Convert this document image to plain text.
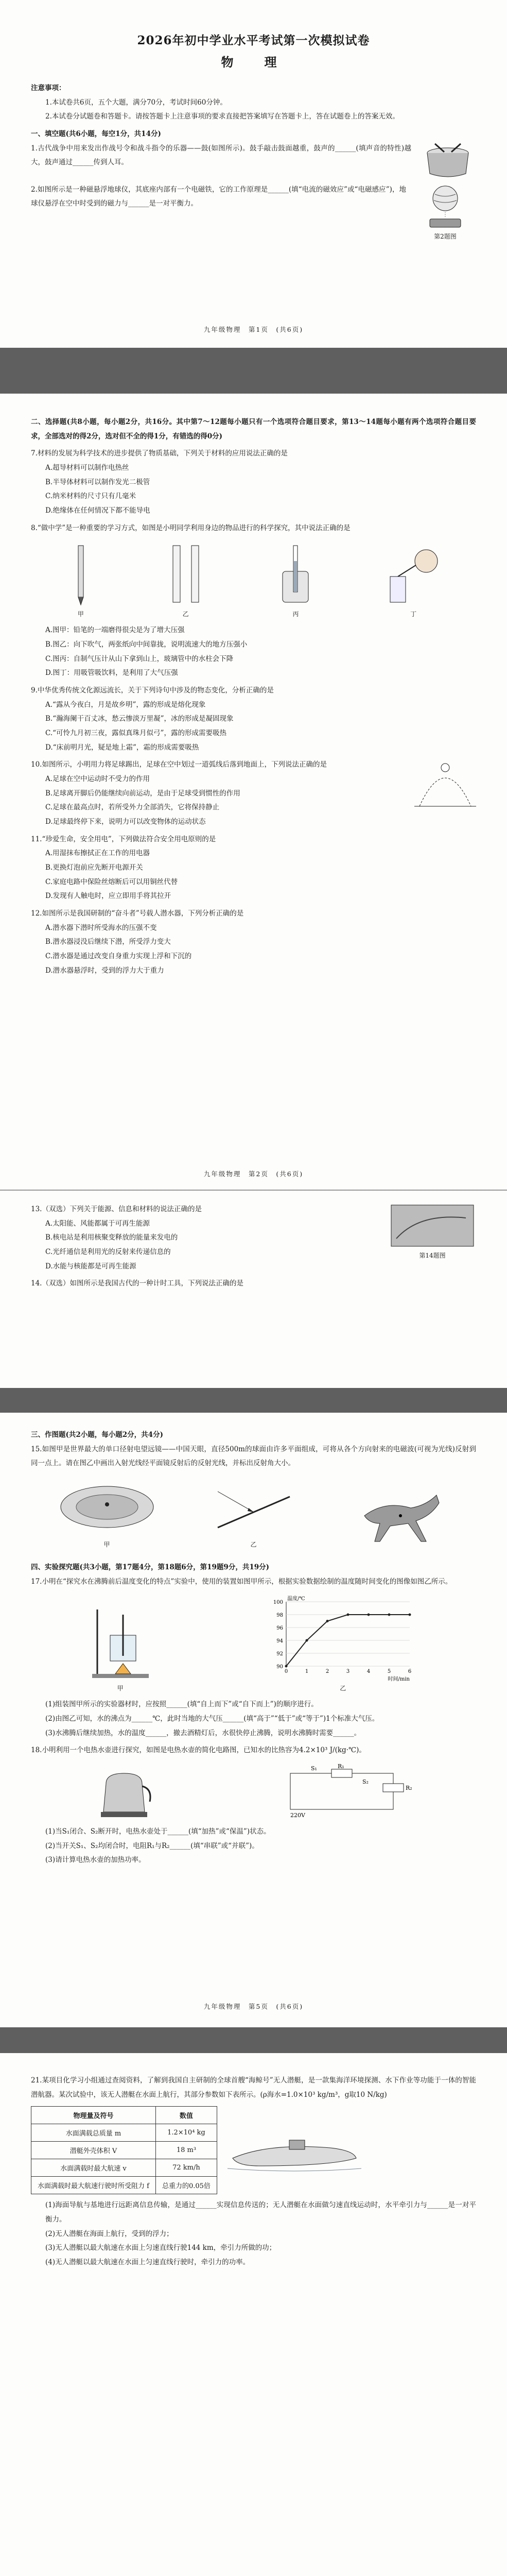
2026年初中学业水平考试第一次模拟试卷
物　理

注意事项：

1.本试卷共6页，五个大题，满分70分，考试时间60分钟。

2.本试卷分试题卷和答题卡。请按答题卡上注意事项的要求直接把答案填写在答题卡上，答在试题卷上的答案无效。

一、填空题(共6小题，每空1分，共14分)

1.古代战争中用来发出作战号令和战斗指令的乐器——鼓(如图所示)。鼓手敲击鼓面越重，鼓声的______(填声音的特性)越大，鼓声通过______传到人耳。

2.如图所示是一种磁悬浮地球仪，其底座内部有一个电磁铁，它的工作原理是______(填“电流的磁效应”或“电磁感应”)，地球仪悬浮在空中时受到的磁力与______是一对平衡力。

第2题图
九年级物理　第1页　(共6页)

二、选择题(共8小题，每小题2分，共16分。其中第7～12题每小题只有一个选项符合题目要求，第13～14题每小题有两个选项符合题目要求，全部选对的得2分，选对但不全的得1分，有错选的得0分)

7.材料的发展为科学技术的进步提供了物质基础，下列关于材料的应用说法正确的是

A.超导材料可以制作电热丝

B.半导体材料可以制作发光二极管

C.纳米材料的尺寸只有几毫米

D.绝缘体在任何情况下都不能导电

8.“做中学”是一种重要的学习方式，如图是小明同学利用身边的物品进行的科学探究，其中说法正确的是

甲	乙	丙	丁

A.图甲：铅笔的一端磨得很尖是为了增大压强

B.图乙：向下吹气，两张纸向中间靠拢，说明流速大的地方压强小

C.图丙：自制气压计从山下拿到山上，玻璃管中的水柱会下降

D.图丁：用吸管吸饮料，是利用了大气压强

9.中华优秀传统文化源远流长，关于下列诗句中涉及的物态变化，分析正确的是

A.“露从今夜白，月是故乡明”，露的形成是熔化现象

B.“瀚海阑干百丈冰，愁云惨淡万里凝”，冰的形成是凝固现象

C.“可怜九月初三夜，露似真珠月似弓”，露的形成需要吸热

D.“床前明月光，疑是地上霜”，霜的形成需要吸热

10.如图所示，小明用力将足球踢出，足球在空中划过一道弧线后落到地面上，下列说法正确的是

A.足球在空中运动时不受力的作用

B.足球离开脚后仍能继续向前运动，是由于足球受到惯性的作用

C.足球在最高点时，若所受外力全部消失，它将保持静止

D.足球最终停下来，说明力可以改变物体的运动状态

11.“珍爱生命，安全用电”，下列做法符合安全用电原则的是

A.用湿抹布擦拭正在工作的用电器

B.更换灯泡前应先断开电源开关

C.家庭电路中保险丝熔断后可以用铜丝代替

D.发现有人触电时，应立即用手将其拉开

12.如图所示是我国研制的“奋斗者”号载人潜水器，下列分析正确的是

A.潜水器下潜时所受海水的压强不变

B.潜水器浸没后继续下潜，所受浮力变大

C.潜水器是通过改变自身重力实现上浮和下沉的

D.潜水器悬浮时，受到的浮力大于重力

九年级物理　第2页　(共6页)

13.（双选）下列关于能源、信息和材料的说法正确的是

A.太阳能、风能都属于可再生能源

B.核电站是利用核聚变释放的能量来发电的

C.光纤通信是利用光的反射来传递信息的

D.水能与核能都是可再生能源

第14题图

14.（双选）如图所示是我国古代的一种计时工具，下列说法正确的是

三、作图题(共2小题，每小题2分，共4分)

15.如图甲是世界最大的单口径射电望远镜——中国天眼，直径500m的球面由许多平面组成，可将从各个方向射来的电磁波(可视为光线)反射到同一点上。请在图乙中画出入射光线经平面镜反射后的反射光线，并标出反射角大小。

甲	乙

四、实验探究题(共3小题，第17题4分，第18题6分，第19题9分，共19分)

17.小明在“探究水在沸腾前后温度变化的特点”实验中，使用的装置如图甲所示，根据实验数据绘制的温度随时间变化的图像如图乙所示。

甲
90
92
94
96
98
100
0	1	2	3	4	5	6
时间/min
温度/℃
乙

(1)组装图甲所示的实验器材时，应按照______(填“自上而下”或“自下而上”)的顺序进行。

(2)由图乙可知，水的沸点为______℃，此时当地的大气压______(填“高于”“低于”或“等于”)1个标准大气压。

(3)水沸腾后继续加热，水的温度______，撤去酒精灯后，水很快停止沸腾，说明水沸腾时需要______。

18.小明利用一个电热水壶进行探究，如图是电热水壶的简化电路图，已知水的比热容为4.2×10³ J/(kg·℃)。

220V
S₁
S₂
R₁
R₂

(1)当S₁闭合、S₂断开时，电热水壶处于______(填“加热”或“保温”)状态。

(2)当开关S₁、S₂均闭合时，电阻R₁与R₂______(填“串联”或“并联”)。

(3)请计算电热水壶的加热功率。

九年级物理　第5页　(共6页)

21.某项目化学习小组通过查阅资料，了解到我国自主研制的全球首艘“海鲸号”无人潜艇，是一款集海洋环境探测、水下作业等功能于一体的智能潜航器。某次试验中，该无人潜艇在水面上航行，其部分参数如下表所示。(ρ海水=1.0×10³ kg/m³，g取10 N/kg)

物理量及符号	数值
水面满载总质量 m	1.2×10⁴ kg
潜艇外壳体积 V	18 m³
水面满载时最大航速 v	72 km/h
水面满载时最大航速行驶时所受阻力 f	总重力的0.05倍

(1)海面导航与基地进行远距离信息传输，是通过______实现信息传送的；无人潜艇在水面做匀速直线运动时，水平牵引力与______是一对平衡力。

(2)无人潜艇在海面上航行，受到的浮力；

(3)无人潜艇以最大航速在水面上匀速直线行驶144 km，牵引力所做的功；

(4)无人潜艇以最大航速在水面上匀速直线行驶时，牵引力的功率。
